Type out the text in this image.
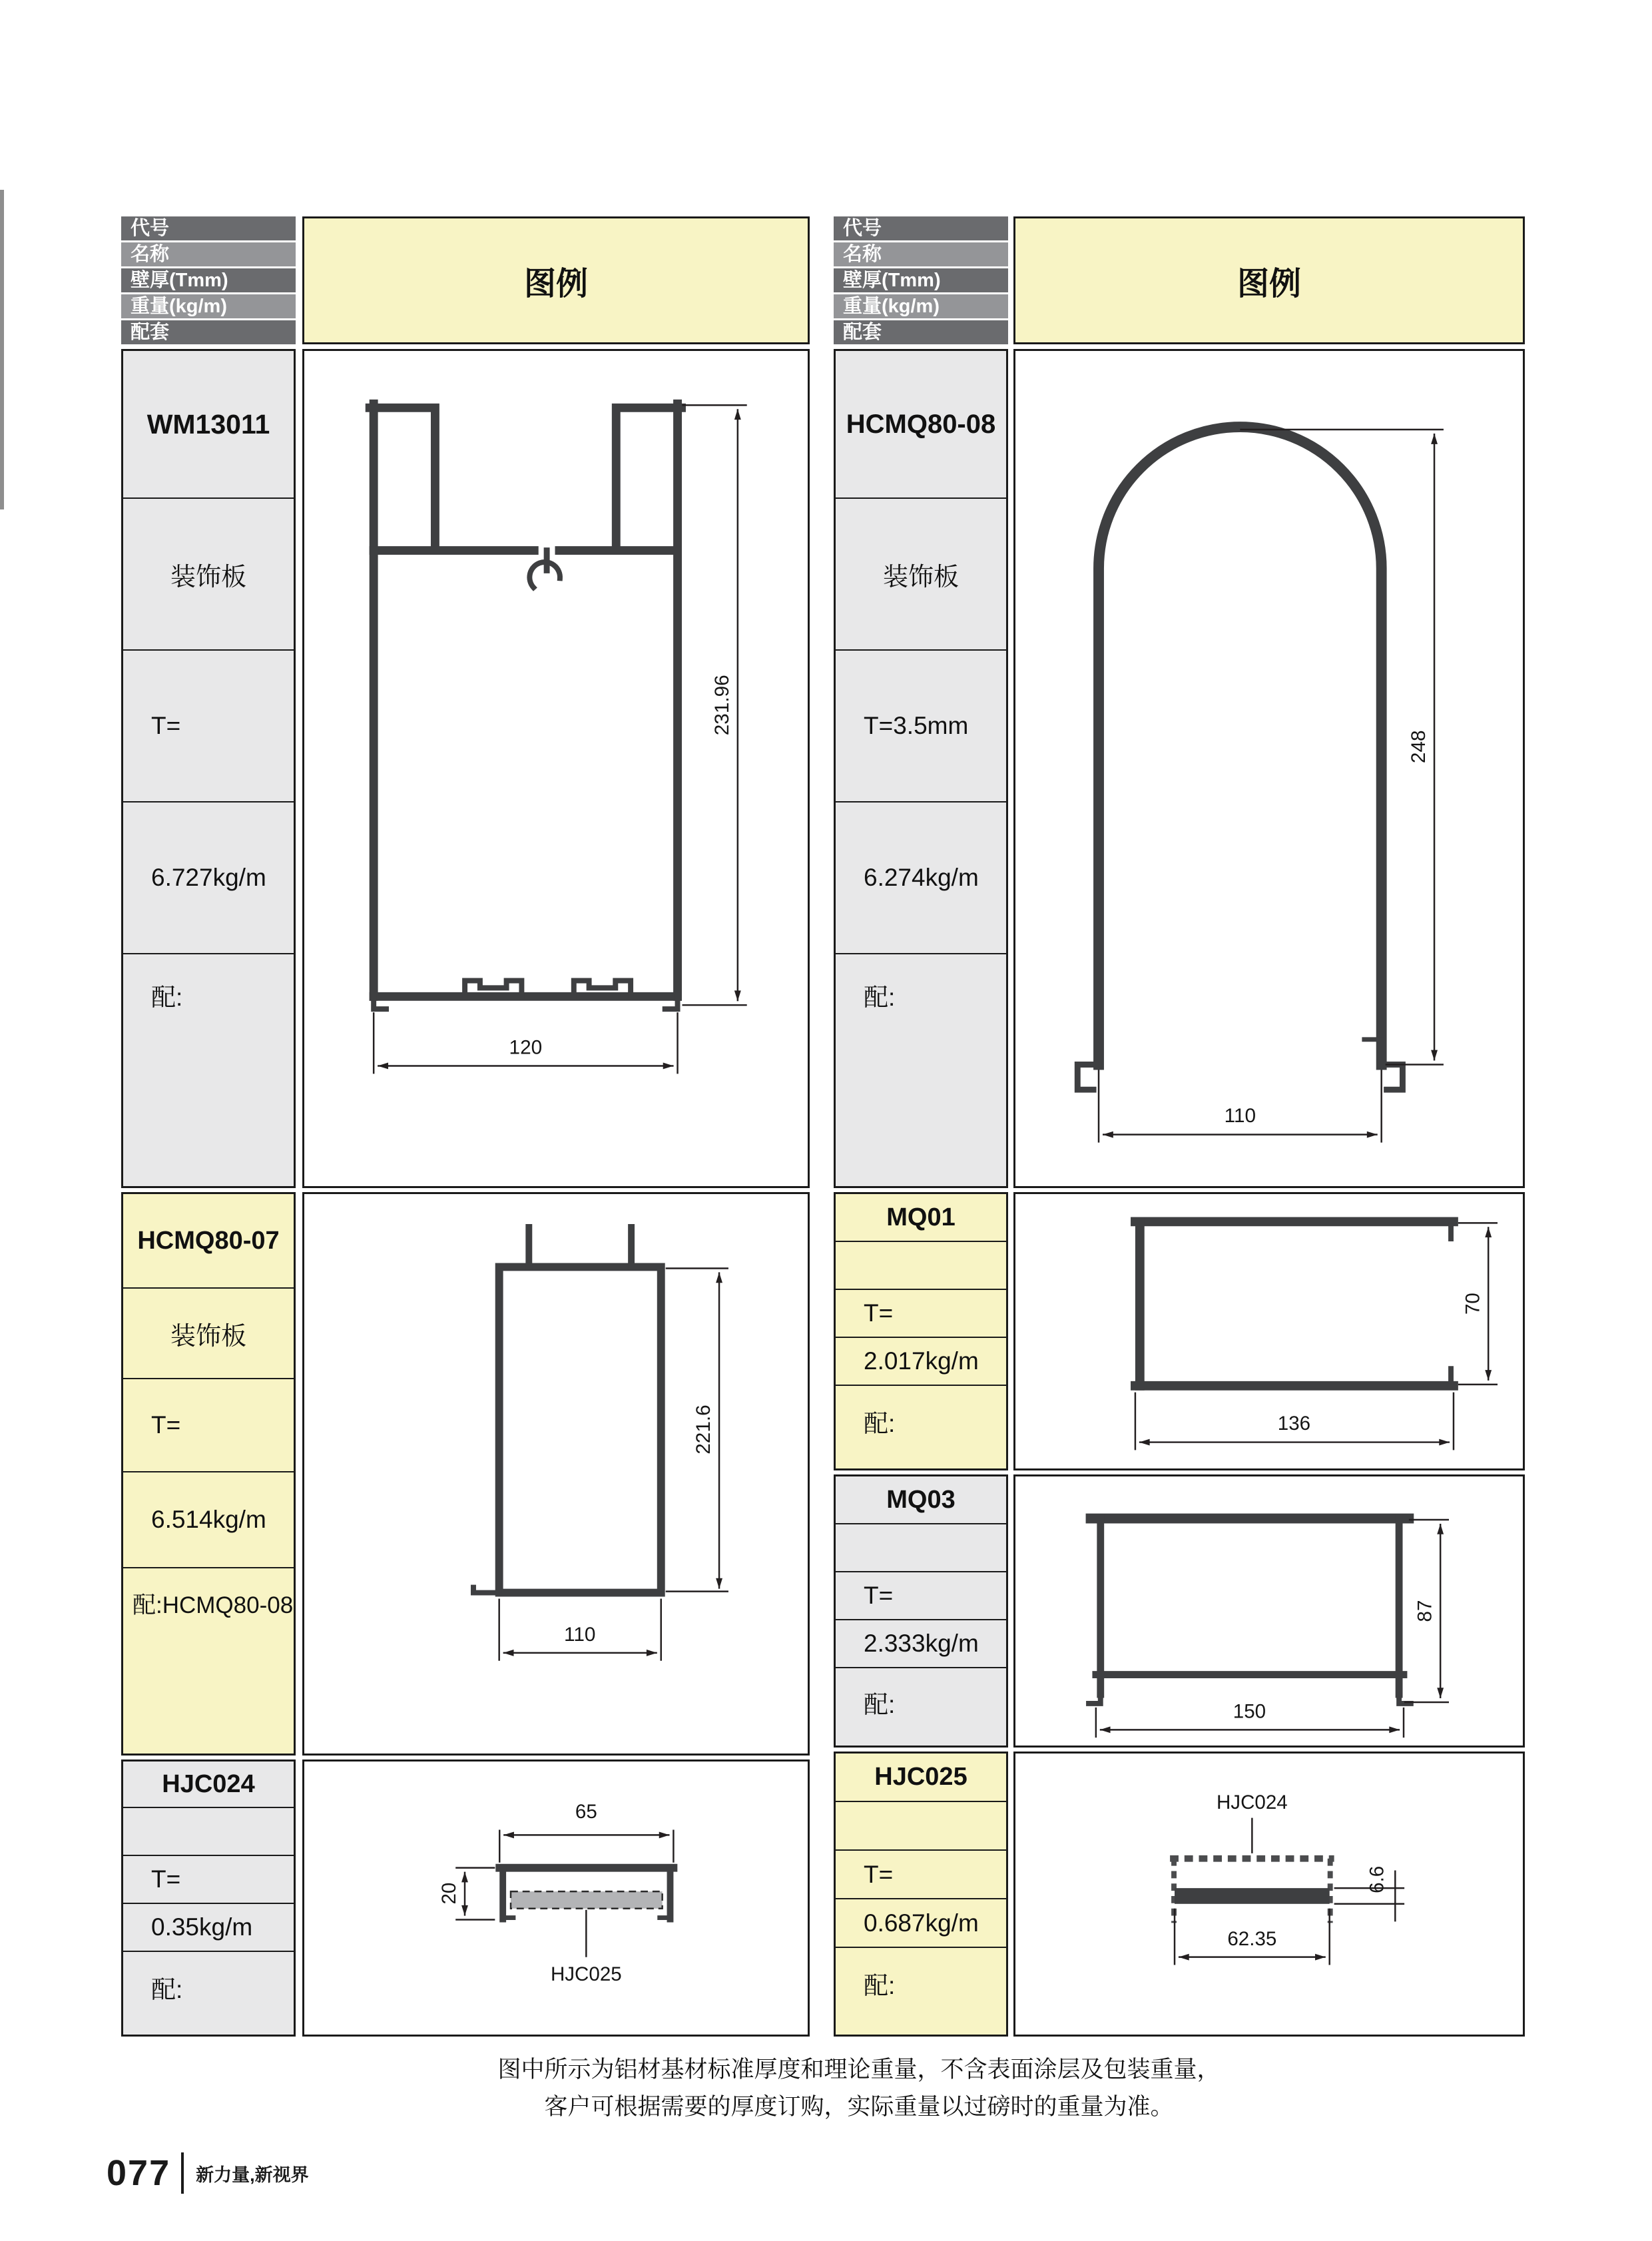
代号
名称
壁厚(Tmm)
重量(kg/m)
配套
图例
代号
名称
壁厚(Tmm)
重量(kg/m)
配套
图例
WM13011
装饰板
T=
6.727kg/m
配:
231.96
120
HCMQ80-07
装饰板
T=
6.514kg/m
配:HCMQ80-08
221.6
110
HJC024
T=
0.35kg/m
配:
65
20
HJC025
HCMQ80-08
装饰板
T=3.5mm
6.274kg/m
配:
248
110
MQ01
T=
2.017kg/m
配:
70
136
MQ03
T=
2.333kg/m
配:
87
150
HJC025
T=
0.687kg/m
配:
HJC024
6.6
62.35
图中所示为铝材基材标准厚度和理论重量，不含表面涂层及包装重量，
客户可根据需要的厚度订购，实际重量以过磅时的重量为准。
077 新力量,新视界
